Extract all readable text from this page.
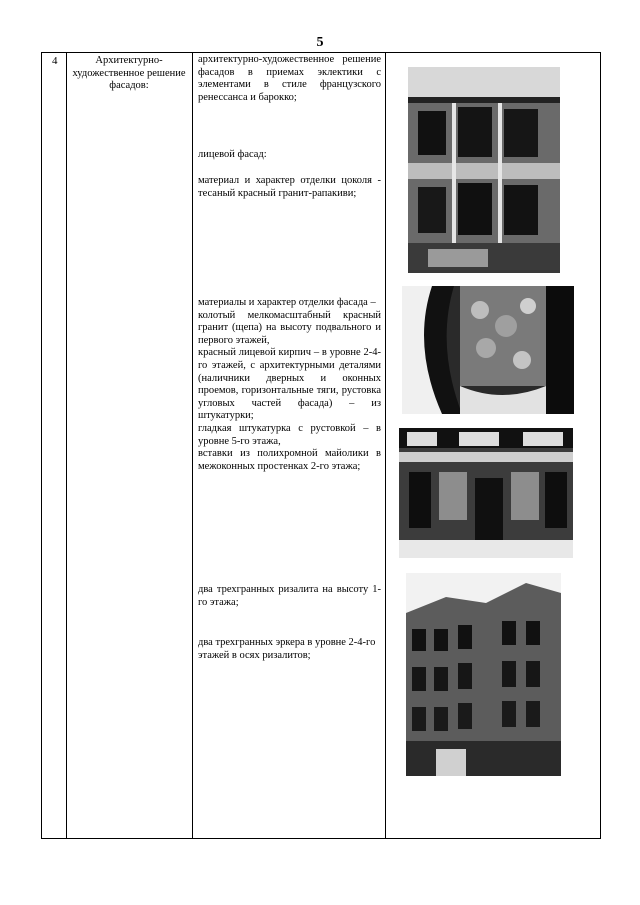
5
4	Архитектурно-художественное решение фасадов:

архитектурно-художественное решение фасадов в приемах эклектики с элементами в стиле французского ренессанса и барокко;

лицевой фасад:

материал и характер отделки цоколя - тесаный красный гранит-рапакиви;

материалы и характер отделки фасада –

колотый мелкомасштабный красный гранит (щепа) на высоту подвального и первого этажей,

красный лицевой кирпич – в уровне 2-4-го этажей, с архитектурными деталями (наличники дверных и оконных проемов, горизонтальные тяги, рустовка угловых частей фасада) – из штукатурки;

гладкая штукатурка с рустовкой – в уровне 5-го этажа,

вставки из полихромной майолики в межоконных простенках 2-го этажа;

два трехгранных ризалита на высоту 1-го этажа;

два трехгранных эркера в уровне 2-4-го этажей в осях ризалитов;
